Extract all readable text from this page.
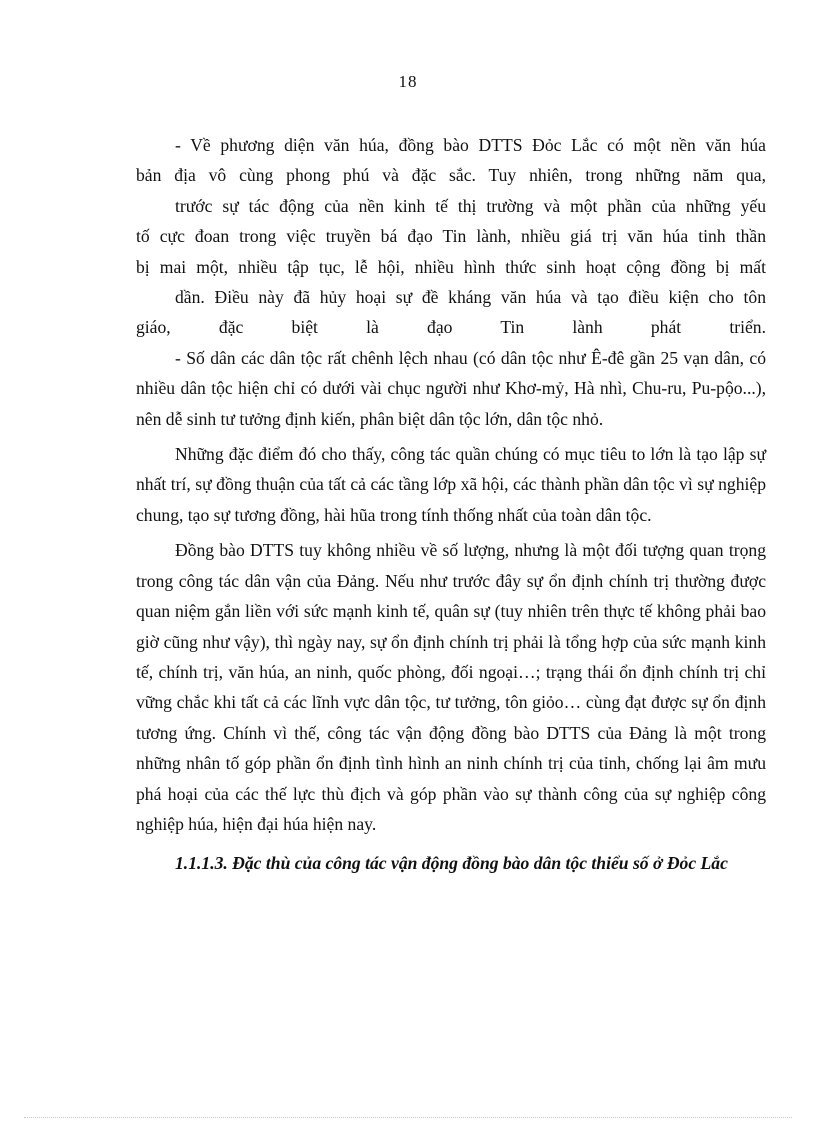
18

- Về phương diện văn húa, đồng bào DTTS Đỏc Lắc có một nền văn húa

bản địa vô cùng phong phú và đặc sắc. Tuy nhiên, trong những năm qua,

trước sự tác động của nền kinh tế thị trường và một phần của những yếu

tố cực đoan trong việc truyền bá đạo Tin lành, nhiều giá trị văn húa tinh thần

bị mai một, nhiều tập tục, lễ hội, nhiều hình thức sinh hoạt cộng đồng bị mất

dần. Điều này đã hủy hoại sự đề kháng văn húa và tạo điều kiện cho tôn

giáo, đặc biệt là đạo Tin lành phát triển.

- Số dân các dân tộc rất chênh lệch nhau (có dân tộc như Ê-đê gần 25 vạn dân, có nhiều dân tộc hiện chỉ có dưới vài chục người như Khơ-mỷ, Hà nhì, Chu-ru, Pu-pộo...), nên dễ sinh tư tưởng định kiến, phân biệt dân tộc lớn, dân tộc nhỏ.

Những đặc điểm đó cho thấy, công tác quần chúng có mục tiêu to lớn là tạo lập sự nhất trí, sự đồng thuận của tất cả các tầng lớp xã hội, các thành phần dân tộc vì sự nghiệp chung, tạo sự tương đồng, hài hũa trong tính thống nhất của toàn dân tộc.

Đồng bào DTTS tuy không nhiều về số lượng, nhưng là một đối tượng quan trọng trong công tác dân vận của Đảng. Nếu như trước đây sự ổn định chính trị thường được quan niệm gắn liền với sức mạnh kinh tế, quân sự (tuy nhiên trên thực tế không phải bao giờ cũng như vậy), thì ngày nay, sự ổn định chính trị phải là tổng hợp của sức mạnh kinh tế, chính trị, văn húa, an ninh, quốc phòng, đối ngoại…; trạng thái ổn định chính trị chỉ vững chắc khi tất cả các lĩnh vực dân tộc, tư tưởng, tôn giỏo… cùng đạt được sự ổn định tương ứng. Chính vì thế, công tác vận động đồng bào DTTS của Đảng là một trong những nhân tố góp phần ổn định tình hình an ninh chính trị của tỉnh, chống lại âm mưu phá hoại của các thế lực thù địch và góp phần vào sự thành công của sự nghiệp công nghiệp húa, hiện đại húa hiện nay.

1.1.1.3. Đặc thù của công tác vận động đồng bào dân tộc thiểu số ở Đỏc Lắc
